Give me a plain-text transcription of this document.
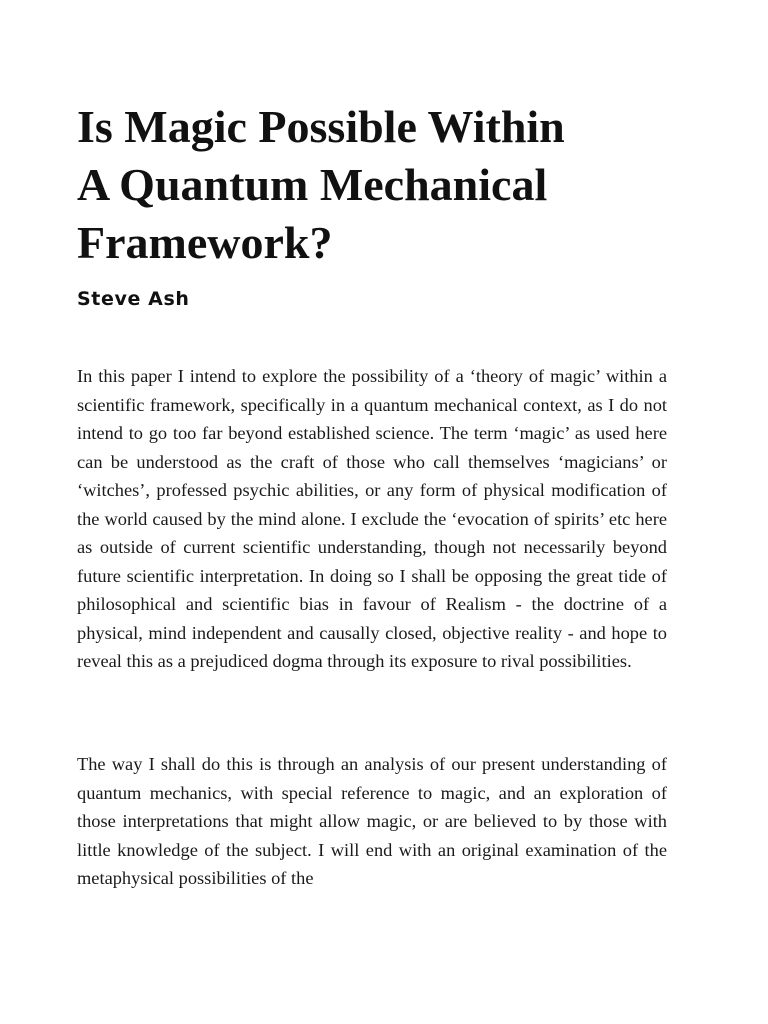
Is Magic Possible Within
A Quantum Mechanical
Framework?

Steve Ash

In this paper I intend to explore the possibility of a ‘theory of magic’ within a scientific framework, specifically in a quantum mechanical context, as I do not intend to go too far beyond established science. The term ‘magic’ as used here can be understood as the craft of those who call themselves ‘magicians’ or ‘witches’, professed psychic abilities, or any form of physical modification of the world caused by the mind alone. I exclude the ‘evocation of spirits’ etc here as outside of current scientific understanding, though not necessarily beyond future scientific interpretation. In doing so I shall be opposing the great tide of philosophical and scientific bias in favour of Realism - the doctrine of a physical, mind independent and causally closed, objective reality - and hope to reveal this as a prejudiced dogma through its exposure to rival possibilities.

The way I shall do this is through an analysis of our present understanding of quantum mechanics, with special reference to magic, and an exploration of those interpretations that might allow magic, or are believed to by those with little knowledge of the subject. I will end with an original examination of the metaphysical possibilities of the
